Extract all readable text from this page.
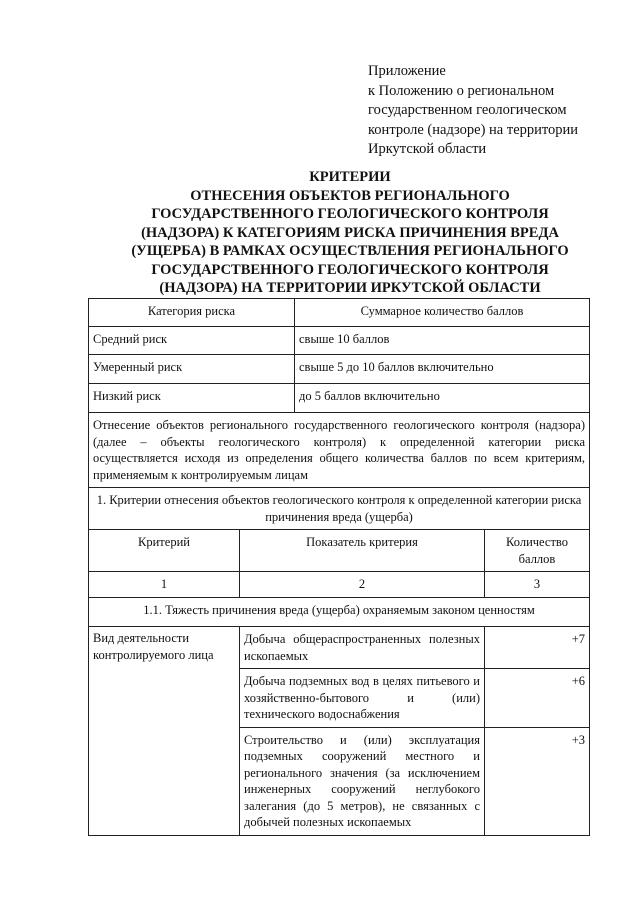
Приложение
к Положению о региональном
государственном геологическом
контроле (надзоре) на территории
Иркутской области
КРИТЕРИИ
ОТНЕСЕНИЯ ОБЪЕКТОВ РЕГИОНАЛЬНОГО
ГОСУДАРСТВЕННОГО ГЕОЛОГИЧЕСКОГО КОНТРОЛЯ
(НАДЗОРА) К КАТЕГОРИЯМ РИСКА ПРИЧИНЕНИЯ ВРЕДА
(УЩЕРБА) В РАМКАХ ОСУЩЕСТВЛЕНИЯ РЕГИОНАЛЬНОГО
ГОСУДАРСТВЕННОГО ГЕОЛОГИЧЕСКОГО КОНТРОЛЯ
(НАДЗОРА) НА ТЕРРИТОРИИ ИРКУТСКОЙ ОБЛАСТИ
Категория риска		Суммарное количество баллов	
Средний риск		свыше 10 баллов	
Умеренный риск		свыше 5 до 10 баллов включительно	
Низкий риск		до 5 баллов включительно	
Отнесение объектов регионального государственного геологического контроля (надзора) (далее – объекты геологического контроля) к определенной категории риска осуществляется исходя из определения общего количества баллов по всем критериям, применяемым к контролируемым лицам			
1. Критерии отнесения объектов геологического контроля к определенной категории риска причинения вреда (ущерба)			
Критерий	Показатель критерия		Количество баллов
1	2		3
1.1. Тяжесть причинения вреда (ущерба) охраняемым законом ценностям			
Вид деятельности контролируемого лица	Добыча общераспространенных полезных ископаемых		+7
	Добыча подземных вод в целях питьевого и хозяйственно-бытового и (или) технического водоснабжения		+6
	Строительство и (или) эксплуатация подземных сооружений местного и регионального значения (за исключением инженерных сооружений неглубокого залегания (до 5 метров), не связанных с добычей полезных ископаемых		+3
